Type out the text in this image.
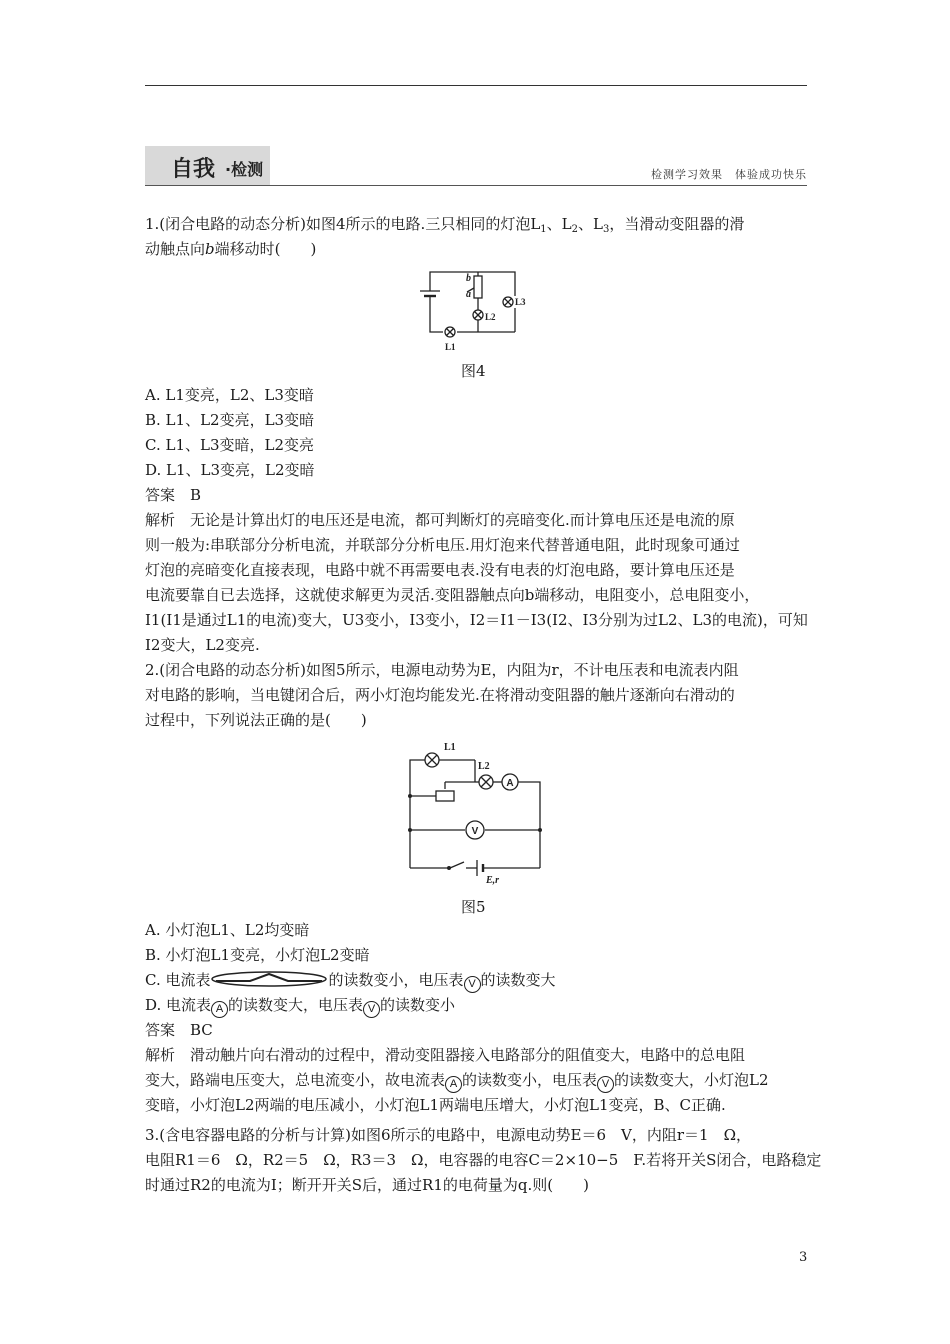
自我 ·检测	检测学习效果　体验成功快乐
1.(闭合电路的动态分析)如图4所示的电路.三只相同的灯泡$L_1$、$L_2$、$L_3$，当滑动变阻器的滑
动触点向b端移动时(　　)
b
a
L2
L3
L1
图4
A. L1变亮，L2、L3变暗
B. L1、L2变亮，L3变暗
C. L1、L3变暗，L2变亮
D. L1、L3变亮，L2变暗
答案　B
解析　无论是计算出灯的电压还是电流，都可判断灯的亮暗变化.而计算电压还是电流的原
则一般为:串联部分分析电流，并联部分分析电压.用灯泡来代替普通电阻，此时现象可通过
灯泡的亮暗变化直接表现，电路中就不再需要电表.没有电表的灯泡电路，要计算电压还是
电流要靠自已去选择，这就使求解更为灵活.变阻器触点向b端移动，电阻变小，总电阻变小，
I1(I1是通过L1的电流)变大，U3变小，I3变小，I2＝I1－I3(I2、I3分别为过L2、L3的电流)，可知
I2变大，L2变亮.
2.(闭合电路的动态分析)如图5所示，电源电动势为E，内阻为r，不计电压表和电流表内阻
对电路的影响，当电键闭合后，两小灯泡均能发光.在将滑动变阻器的触片逐渐向右滑动的
过程中，下列说法正确的是(　　)
A
V
L1
L2
E,r
图5
A. 小灯泡L1、L2均变暗
B. 小灯泡L1变亮，小灯泡L2变暗
C. 电流表	的读数变小，电压表 V 的读数变大
D. 电流表 A 的读数变大，电压表 V 的读数变小
答案　BC
解析　滑动触片向右滑动的过程中，滑动变阻器接入电路部分的阻值变大，电路中的总电阻
变大，路端电压变大，总电流变小，故电流表 A 的读数变小，电压表 V 的读数变大，小灯泡L2
变暗，小灯泡L2两端的电压减小，小灯泡L1两端电压增大，小灯泡L1变亮，B、C正确.
3.(含电容器电路的分析与计算)如图6所示的电路中，电源电动势E＝6　V，内阻r＝1　Ω，
电阻R1＝6　Ω，R2＝5　Ω，R3＝3　Ω，电容器的电容C＝2×10−5　F.若将开关S闭合，电路稳定
时通过R2的电流为I；断开开关S后，通过R1的电荷量为q.则(　　)
3
